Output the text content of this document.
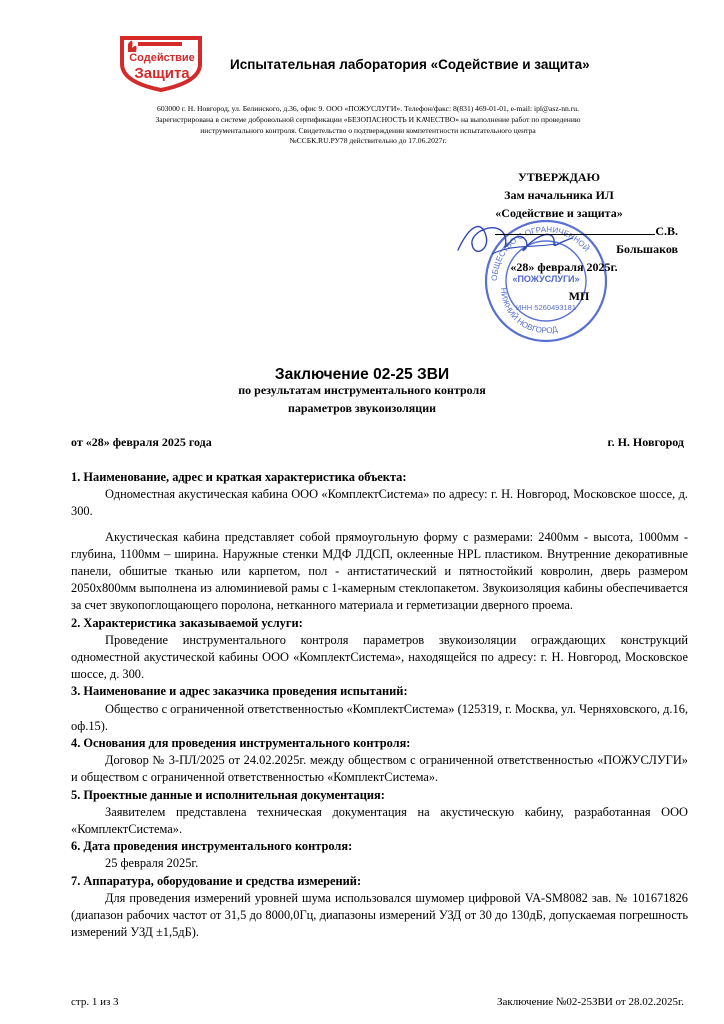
Содействие
Защита
Испытательная лаборатория «Содействие и защита»
603000 г. Н. Новгород, ул. Белинского, д.36, офис 9. ООО «ПОЖУСЛУГИ». Телефон/факс: 8(831) 469-01-01, e-mail: ipl@asz-nn.ru.
Зарегистрирована в системе добровольной сертификации «БЕЗОПАСНОСТЬ И КАЧЕСТВО» на выполнение работ по проведению
инструментального контроля. Свидетельство о подтверждении компетентности испытательного центра
№ССБК.RU.РУ78 действительно до 17.06.2027г.
ОБЩЕСТВО С ОГРАНИЧЕННОЙ
НИЖНИЙ НОВГОРОД
«ПОЖУСЛУГИ»
ИНН 5260493181
УТВЕРЖДАЮ
Зам начальника ИЛ
«Содействие и защита»
С.В. Большаков
«28» февраля 2025г.
МП
Заключение 02-25 ЗВИ
по результатам инструментального контроля
параметров звукоизоляции
от «28» февраля 2025 года	г. Н. Новгород

1. Наименование, адрес и краткая характеристика объекта:

Одноместная акустическая кабина ООО «КомплектСистема» по адресу: г. Н. Новгород, Московское шоссе, д. 300.

Акустическая кабина представляет собой прямоугольную форму с размерами: 2400мм - высота, 1000мм - глубина, 1100мм – ширина. Наружные стенки МДФ ЛДСП, оклеенные HPL пластиком. Внутренние декоративные панели, обшитые тканью или карпетом, пол - антистатический и пятностойкий ковролин, дверь размером 2050х800мм выполнена из алюминиевой рамы с 1-камерным стеклопакетом. Звукоизоляция кабины обеспечивается за счет звукопоглощающего поролона, нетканного материала и герметизации дверного проема.

2. Характеристика заказываемой услуги:

Проведение инструментального контроля параметров звукоизоляции ограждающих конструкций одноместной акустической кабины ООО «КомплектСистема», находящейся по адресу: г. Н. Новгород, Московское шоссе, д. 300.

3. Наименование и адрес заказчика проведения испытаний:

Общество с ограниченной ответственностью «КомплектСистема» (125319, г. Москва, ул. Черняховского, д.16, оф.15).

4. Основания для проведения инструментального контроля:

Договор № 3-ПЛ/2025 от 24.02.2025г. между обществом с ограниченной ответственностью «ПОЖУСЛУГИ» и обществом с ограниченной ответственностью «КомплектСистема».

5. Проектные данные и исполнительная документация:

Заявителем представлена техническая документация на акустическую кабину, разработанная ООО «КомплектСистема».

6. Дата проведения инструментального контроля:

25 февраля 2025г.

7. Аппаратура, оборудование и средства измерений:

Для проведения измерений уровней шума использовался шумомер цифровой VA-SM8082 зав. № 101671826 (диапазон рабочих частот от 31,5 до 8000,0Гц, диапазоны измерений УЗД от 30 до 130дБ, допускаемая погрешность измерений УЗД ±1,5дБ).

стр. 1 из 3	Заключение №02-25ЗВИ от 28.02.2025г.
